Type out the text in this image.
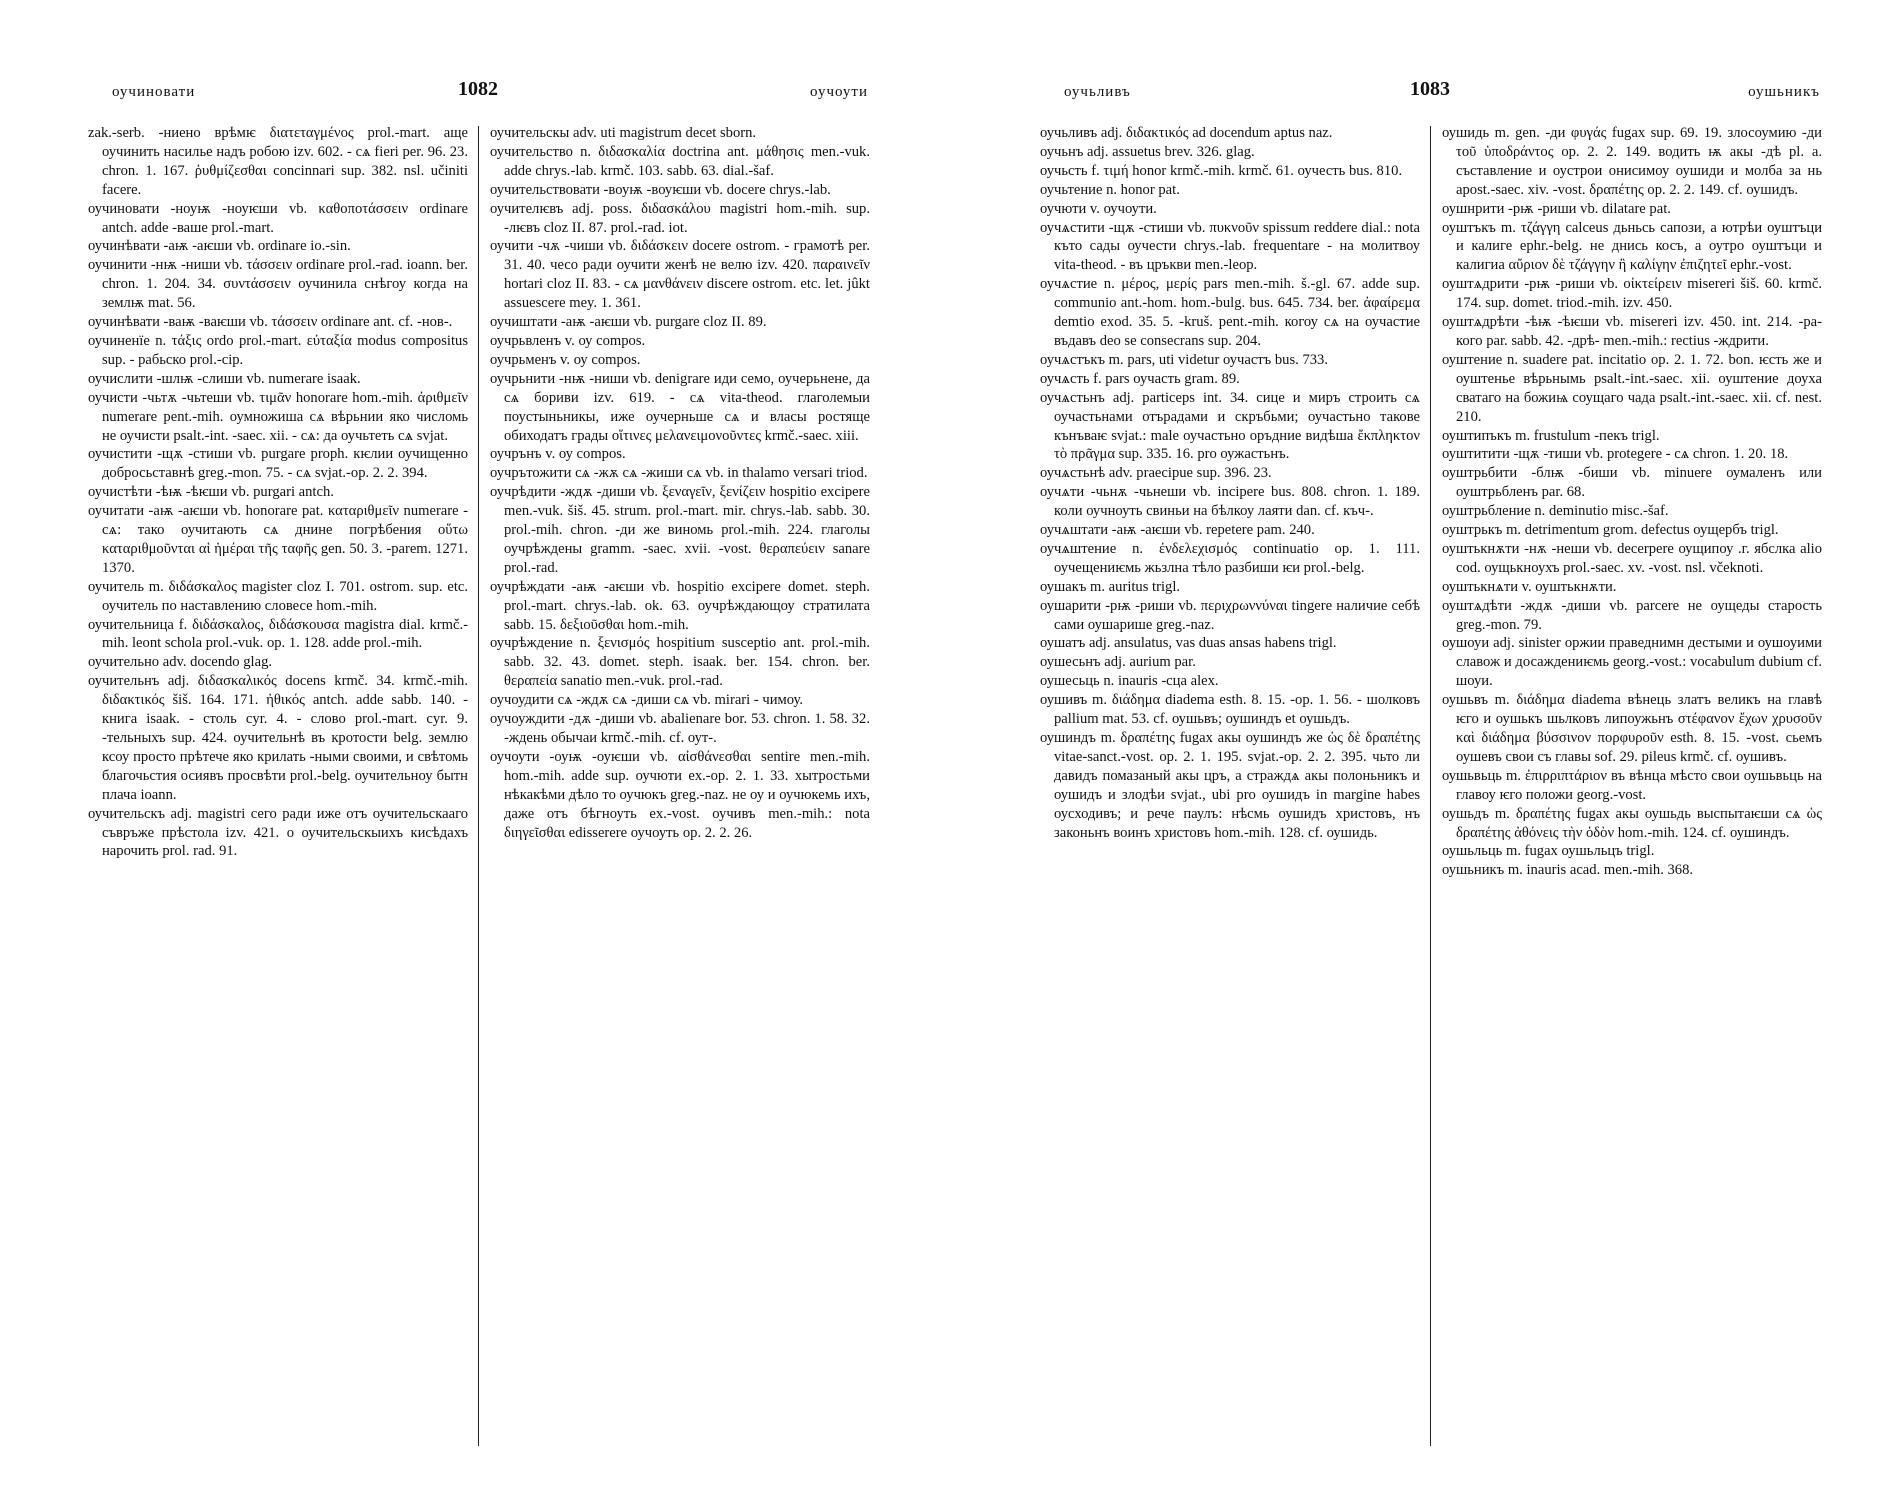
оучиновати	1082	оучоути

zak.-serb. -ниено врѣмѥ διατεταγμένος prol.-mart. аще оучинить насилье надъ робою izv. 602. - сѧ fieri per. 96. 23. chron. 1. 167. ῥυθμίζεσθαι concinnari sup. 382. nsl. učiniti facere.

оучиновати -ноуѭ -ноуѥши vb. καθοποτάσσειν ordinare antch. adde -ваше prol.-mart.

оучинѣвати -аѭ -аѥши vb. ordinare io.-sin.

оучинити -нѭ -ниши vb. τάσσειν ordinare prol.-rad. ioann. ber. chron. 1. 204. 34. συντάσσειν оучинила снѣгоу когда на землѭ mat. 56.

оучинѣвати -ваѭ -ваѥши vb. τάσσειν ordinare ant. cf. -нов-.

оучиненїе n. τάξις ordo prol.-mart. εὐταξία modus compositus sup. - рабьско prol.-cip.

оучислити -шлѭ -слиши vb. numerare isaak.

оучисти -чьтѫ -чьтеши vb. τιμᾶν honorare hom.-mih. ἀριθμεῖν numerare pent.-mih. оумножиша сѧ вѣрьнии яко числомь не оучисти psalt.-int. -saec. xii. - сѧ: да оучьтеть сѧ svjat.

оучистити -щѫ -стиши vb. purgare proph. кѥлии оучищенно добросьставнѣ greg.-mon. 75. - сѧ svjat.-op. 2. 2. 394.

оучистѣти -ѣѭ -ѣѥши vb. purgari antch.

оучитати -аѭ -аѥши vb. honorare pat. καταριθμεῖν numerare - сѧ: тако оучитають сѧ днине погрѣбения οὕτω καταριθμοῦνται αἱ ἡμέραι τῆς ταφῆς gen. 50. 3. -parem. 1271. 1370.

оучитель m. διδάσκαλος magister cloz I. 701. ostrom. sup. etc. оучитель по наставлению словесе hom.-mih.

оучительница f. διδάσκαλος, διδάσκουσα magistra dial. krmč.-mih. leont schola prol.-vuk. op. 1. 128. adde prol.-mih.

оучительно adv. docendo glag.

оучительнъ adj. διδασκαλικός docens krmč. 34. krmč.-mih. διδακτικός šiš. 164. 171. ἠθικός antch. adde sabb. 140. - книга isaak. - столь cyr. 4. - слово prol.-mart. cyr. 9. -тельныхъ sup. 424. оучительнѣ въ кротости belg. землю ксоу просто прѣтече яко крилать -ными своими, и свѣтомь благочьстия осиявъ просвѣти prol.-belg. оучительноу бытн плача ioann.

оучительскъ adj. magistri сего ради иже отъ оучительскааго съвръже прѣстола izv. 421. о оучительскыихъ кисѣдахъ нарочить prol. rad. 91.

оучительскы adv. uti magistrum decet sborn.

оучительство n. διδασκαλία doctrina ant. μάθησις men.-vuk. adde chrys.-lab. krmč. 103. sabb. 63. dial.-šaf.

оучительствовати -воуѭ -воуѥши vb. docere chrys.-lab.

оучителѥвъ adj. poss. διδασκάλου magistri hom.-mih. sup. -лѥвъ cloz II. 87. prol.-rad. iot.

оучити -чѫ -чиши vb. διδάσκειν docere ostrom. - грамотѣ per. 31. 40. чесо ради оучити женѣ не велю izv. 420. παραινεῖν hortari cloz II. 83. - сѧ μανθάνειν discere ostrom. etc. let. jûkt assuescere mey. 1. 361.

оучиштати -аѭ -аѥши vb. purgare cloz II. 89.

оучрьвленъ v. оу compos.

оучрьменъ v. оу compos.

оучрьнити -нѭ -ниши vb. denigrare иди семо, оучерьнене, да сѧ бориви izv. 619. - сѧ vita-theod. глаголемыи поустыньникы, иже оучерньше сѧ и власы ростяще обиходатъ грады οἵτινες μελανειμονοῦντες krmč.-saec. xiii.

оучрънъ v. оу compos.

оучрътожити сѧ -жѫ сѧ -жиши сѧ vb. in thalamo versari triod.

оучрѣдити -ждѫ -диши vb. ξεναγεῖν, ξενίζειν hospitio excipere men.-vuk. šiš. 45. strum. prol.-mart. mir. chrys.-lab. sabb. 30. prol.-mih. chron. -ди же виномь prol.-mih. 224. глаголы оучрѣждены gramm. -saec. xvii. -vost. θεραπεύειν sanare prol.-rad.

оучрѣждати -аѭ -аѥши vb. hospitio excipere domet. steph. prol.-mart. chrys.-lab. ok. 63. оучрѣждающоу стратилата sabb. 15. δεξιοῦσθαι hom.-mih.

оучрѣждение n. ξενισμός hospitium susceptio ant. prol.-mih. sabb. 32. 43. domet. steph. isaak. ber. 154. chron. ber. θεραπεία sanatio men.-vuk. prol.-rad.

оучоудити сѧ -ждѫ сѧ -диши сѧ vb. mirari - чимоу.

оучоуждити -дѫ -диши vb. abalienare bor. 53. chron. 1. 58. 32. -ждень обычаи krmč.-mih. cf. оут-.

оучоути -оуѭ -оуѥши vb. αἰσθάνεσθαι sentire men.-mih. hom.-mih. adde sup. оучюти ex.-op. 2. 1. 33. хытростьми нѣкакѣми дѣло то оучюкъ greg.-naz. не оу и оучюкемь ихъ, даже отъ бѣгноуть ex.-vost. оучивъ men.-mih.: nota διηγεῖσθαι edisserere оучоуть op. 2. 2. 26.

оучьливъ	1083	оушьникъ

оучьливъ adj. διδακτικός ad docendum aptus naz.

оучьнъ adj. assuetus brev. 326. glag.

оучьсть f. τιμή honor krmč.-mih. krmč. 61. оучесть bus. 810.

оучьтение n. honor pat.

оучюти v. оучоути.

оучѧстити -щѫ -стиши vb. πυκνοῦν spissum reddere dial.: nota къто сады оучести chrys.-lab. frequentare - на молитвоу vita-theod. - въ цръкви men.-leop.

оучѧстие n. μέρος, μερίς pars men.-mih. š.-gl. 67. adde sup. communio ant.-hom. hom.-bulg. bus. 645. 734. ber. ἀφαίρεμα demtio exod. 35. 5. -kruš. pent.-mih. когоу сѧ на оучастие въдавъ deo se consecrans sup. 204.

оучѧстъкъ m. pars, uti videtur оучастъ bus. 733.

оучѧсть f. pars оучасть gram. 89.

оучѧстьнъ adj. particeps int. 34. сице и миръ строить сѧ оучастьнами отърадами и скръбьми; оучастьно такове кънъваѥ svjat.: male оучастьно оръдние видѣша ἔκπληκτον τὸ πρᾶγμα sup. 335. 16. pro оужастьнъ.

оучѧстьнѣ adv. praecipue sup. 396. 23.

оучѧти -чьнѫ -чьнеши vb. incipere bus. 808. chron. 1. 189. коли оучноуть свиньи на бѣлкоу лаяти dan. cf. къч-.

оучѧштати -аѭ -аѥши vb. repetere pam. 240.

оучѧштение n. ἐνδελεχισμός continuatio op. 1. 111. оучещениѥмь жьзлна тѣло разбиши ѥи prol.-belg.

оушакъ m. auritus trigl.

оушарити -рѭ -риши vb. περιχρωννύναι tingere наличие себѣ сами оушарише greg.-naz.

оушатъ adj. ansulatus, vas duas ansas habens trigl.

оушесьнъ adj. aurium par.

оушесьць n. inauris -сца alex.

оушивъ m. διάδημα diadema esth. 8. 15. -op. 1. 56. - шолковъ pallium mat. 53. cf. оушьвъ; оушиндъ et оушьдъ.

оушиндъ m. δραπέτης fugax акы оушиндъ же ὡς δὲ δραπέτης vitae-sanct.-vost. op. 2. 1. 195. svjat.-op. 2. 2. 395. чьто ли давидъ помазаный акы цръ, а страждѧ акы полоньникъ и оушидъ и злодѣи svjat., ubi pro оушидъ in margine habes оусходивъ; и рече паулъ: нѣсмь оушидъ христовъ, нъ законьнъ воинъ христовъ hom.-mih. 128. cf. оушидь.

оушидь m. gen. -ди φυγάς fugax sup. 69. 19. злосоумию -ди τοῦ ὑποδράντος op. 2. 2. 149. водить ѭ акы -дѣ pl. a. съставление и оустрои онисимоу оушиди и молба за нь apost.-saec. xiv. -vost. δραπέτης op. 2. 2. 149. cf. оушидъ.

оушнрити -рѭ -риши vb. dilatare pat.

оуштъкъ m. τζάγγη calceus дьньсь сапози, а ютрѣи оуштъци и калиге ephr.-belg. не днись косъ, а оутро оуштъци и калигиа αὔριον δὲ τζάγγην ἢ καλίγην ἐπιζητεῖ ephr.-vost.

оуштѧдрити -рѭ -риши vb. οἰκτείρειν misereri šiš. 60. krmč. 174. sup. domet. triod.-mih. izv. 450.

оуштѧдрѣти -ѣѭ -ѣѥши vb. misereri izv. 450. int. 214. -ра- кого par. sabb. 42. -дрѣ- men.-mih.: rectius -ждрити.

оуштение n. suadere pat. incitatio op. 2. 1. 72. bon. ѥсть же и оуштенье вѣрьнымь psalt.-int.-saec. xii. оуштение доуха сватаго на божиѩ соущаго чада psalt.-int.-saec. xii. cf. nest. 210.

оуштипъкъ m. frustulum -пекъ trigl.

оуштитити -щѫ -тиши vb. protegere - сѧ chron. 1. 20. 18.

оуштрьбити -блѭ -биши vb. minuere оумаленъ или оуштрьбленъ par. 68.

оуштрьбление n. deminutio misc.-šaf.

оуштрькъ m. detrimentum grom. defectus оущербъ trigl.

оуштькнѫти -нѫ -неши vb. decerpere оущипоу .г. ябслка alio cod. оущькноухъ prol.-saec. xv. -vost. nsl. včeknoti.

оуштькнѧти v. оуштькнѫти.

оуштѧдѣти -ждѫ -диши vb. parcere не оущеды старость greg.-mon. 79.

оушоуи adj. sinister оржии праведнимн дестыми и оушоуими славож и досаждениѥмь georg.-vost.: vocabulum dubium cf. шоуи.

оушьвъ m. διάδημα diadema вѣнець златъ великъ на главѣ ѥго и оушькъ шьлковъ липоужьнъ στέφανον ἔχων χρυσοῦν καὶ διάδημα βύσσινον πορφυροῦν esth. 8. 15. -vost. сьемъ оушевъ свои съ главы sof. 29. pileus krmč. cf. оушивъ.

оушьвьць m. ἐπιρριπτάριον въ вѣнца мѣсто свои оушьвьць на главоу ѥго положи georg.-vost.

оушьдъ m. δραπέτης fugax акы оушьдь выспытаѥши сѧ ὡς δραπέτης ἀθόνεις τὴν ὁδὸν hom.-mih. 124. cf. оушиндъ.

оушьльць m. fugax оушьльцъ trigl.

оушьникъ m. inauris acad. men.-mih. 368.
